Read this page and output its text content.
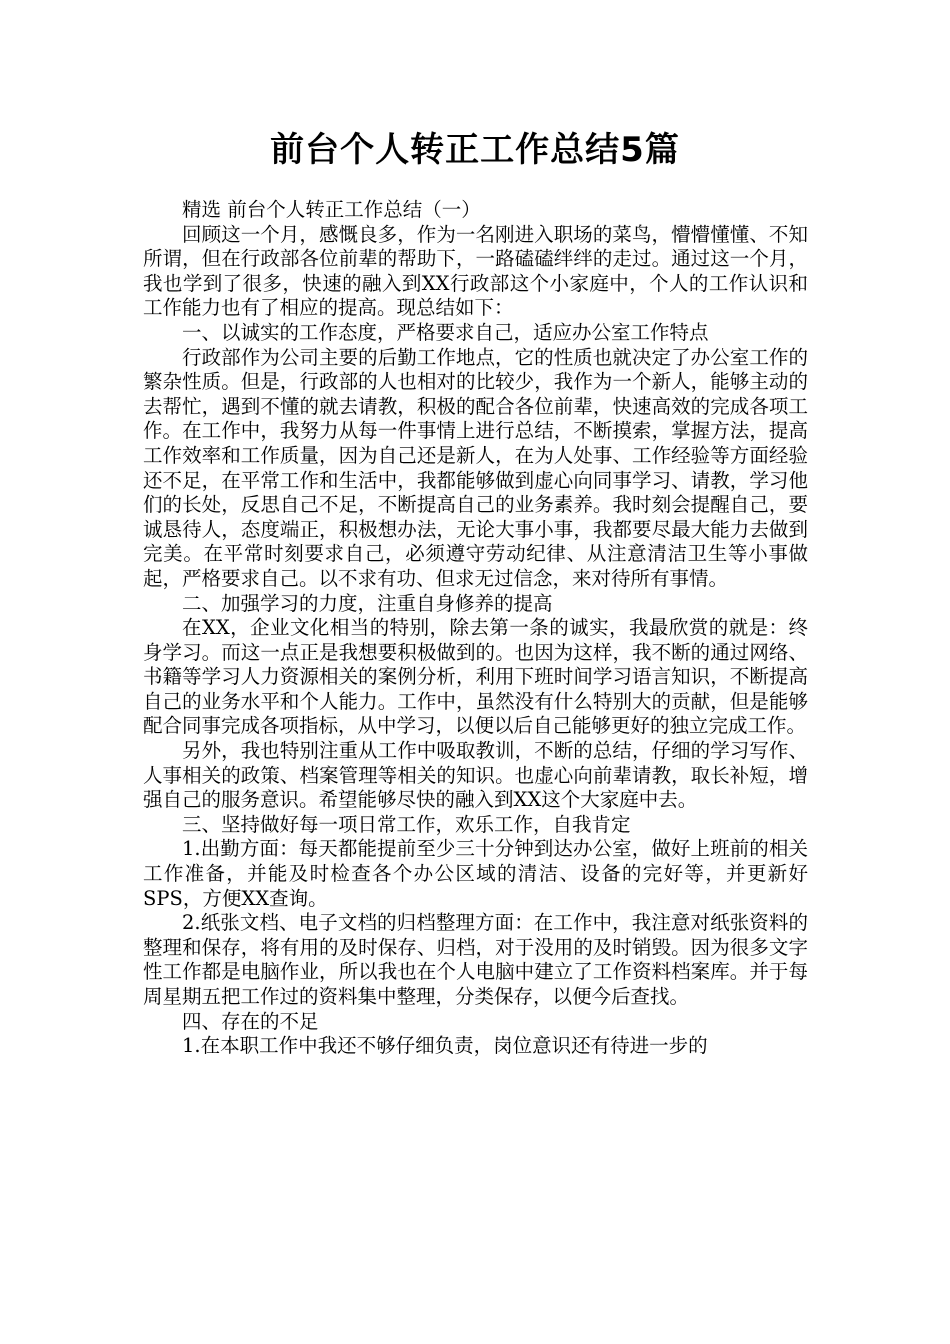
前台个人转正工作总结5篇

精选 前台个人转正工作总结（一）

回顾这一个月，感慨良多，作为一名刚进入职场的菜鸟，懵懵懂懂、不知所谓，但在行政部各位前辈的帮助下，一路磕磕绊绊的走过。通过这一个月，我也学到了很多，快速的融入到XX行政部这个小家庭中，个人的工作认识和工作能力也有了相应的提高。现总结如下：

一、以诚实的工作态度，严格要求自己，适应办公室工作特点

行政部作为公司主要的后勤工作地点，它的性质也就决定了办公室工作的繁杂性质。但是，行政部的人也相对的比较少，我作为一个新人，能够主动的去帮忙，遇到不懂的就去请教，积极的配合各位前辈，快速高效的完成各项工作。在工作中，我努力从每一件事情上进行总结，不断摸索，掌握方法，提高工作效率和工作质量，因为自己还是新人，在为人处事、工作经验等方面经验还不足，在平常工作和生活中，我都能够做到虚心向同事学习、请教，学习他们的长处，反思自己不足，不断提高自己的业务素养。我时刻会提醒自己，要诚恳待人，态度端正，积极想办法，无论大事小事，我都要尽最大能力去做到完美。在平常时刻要求自己，必须遵守劳动纪律、从注意清洁卫生等小事做起，严格要求自己。以不求有功、但求无过信念，来对待所有事情。

二、加强学习的力度，注重自身修养的提高

在XX，企业文化相当的特别，除去第一条的诚实，我最欣赏的就是：终身学习。而这一点正是我想要积极做到的。也因为这样，我不断的通过网络、书籍等学习人力资源相关的案例分析，利用下班时间学习语言知识，不断提高自己的业务水平和个人能力。工作中，虽然没有什么特别大的贡献，但是能够配合同事完成各项指标，从中学习，以便以后自己能够更好的独立完成工作。

另外，我也特别注重从工作中吸取教训，不断的总结，仔细的学习写作、人事相关的政策、档案管理等相关的知识。也虚心向前辈请教，取长补短，增强自己的服务意识。希望能够尽快的融入到XX这个大家庭中去。

三、坚持做好每一项日常工作，欢乐工作，自我肯定

1.出勤方面：每天都能提前至少三十分钟到达办公室，做好上班前的相关工作准备，并能及时检查各个办公区域的清洁、设备的完好等，并更新好SPS，方便XX查询。

2.纸张文档、电子文档的归档整理方面：在工作中，我注意对纸张资料的整理和保存，将有用的及时保存、归档，对于没用的及时销毁。因为很多文字性工作都是电脑作业，所以我也在个人电脑中建立了工作资料档案库。并于每周星期五把工作过的资料集中整理，分类保存，以便今后查找。

四、存在的不足

1.在本职工作中我还不够仔细负责，岗位意识还有待进一步的
